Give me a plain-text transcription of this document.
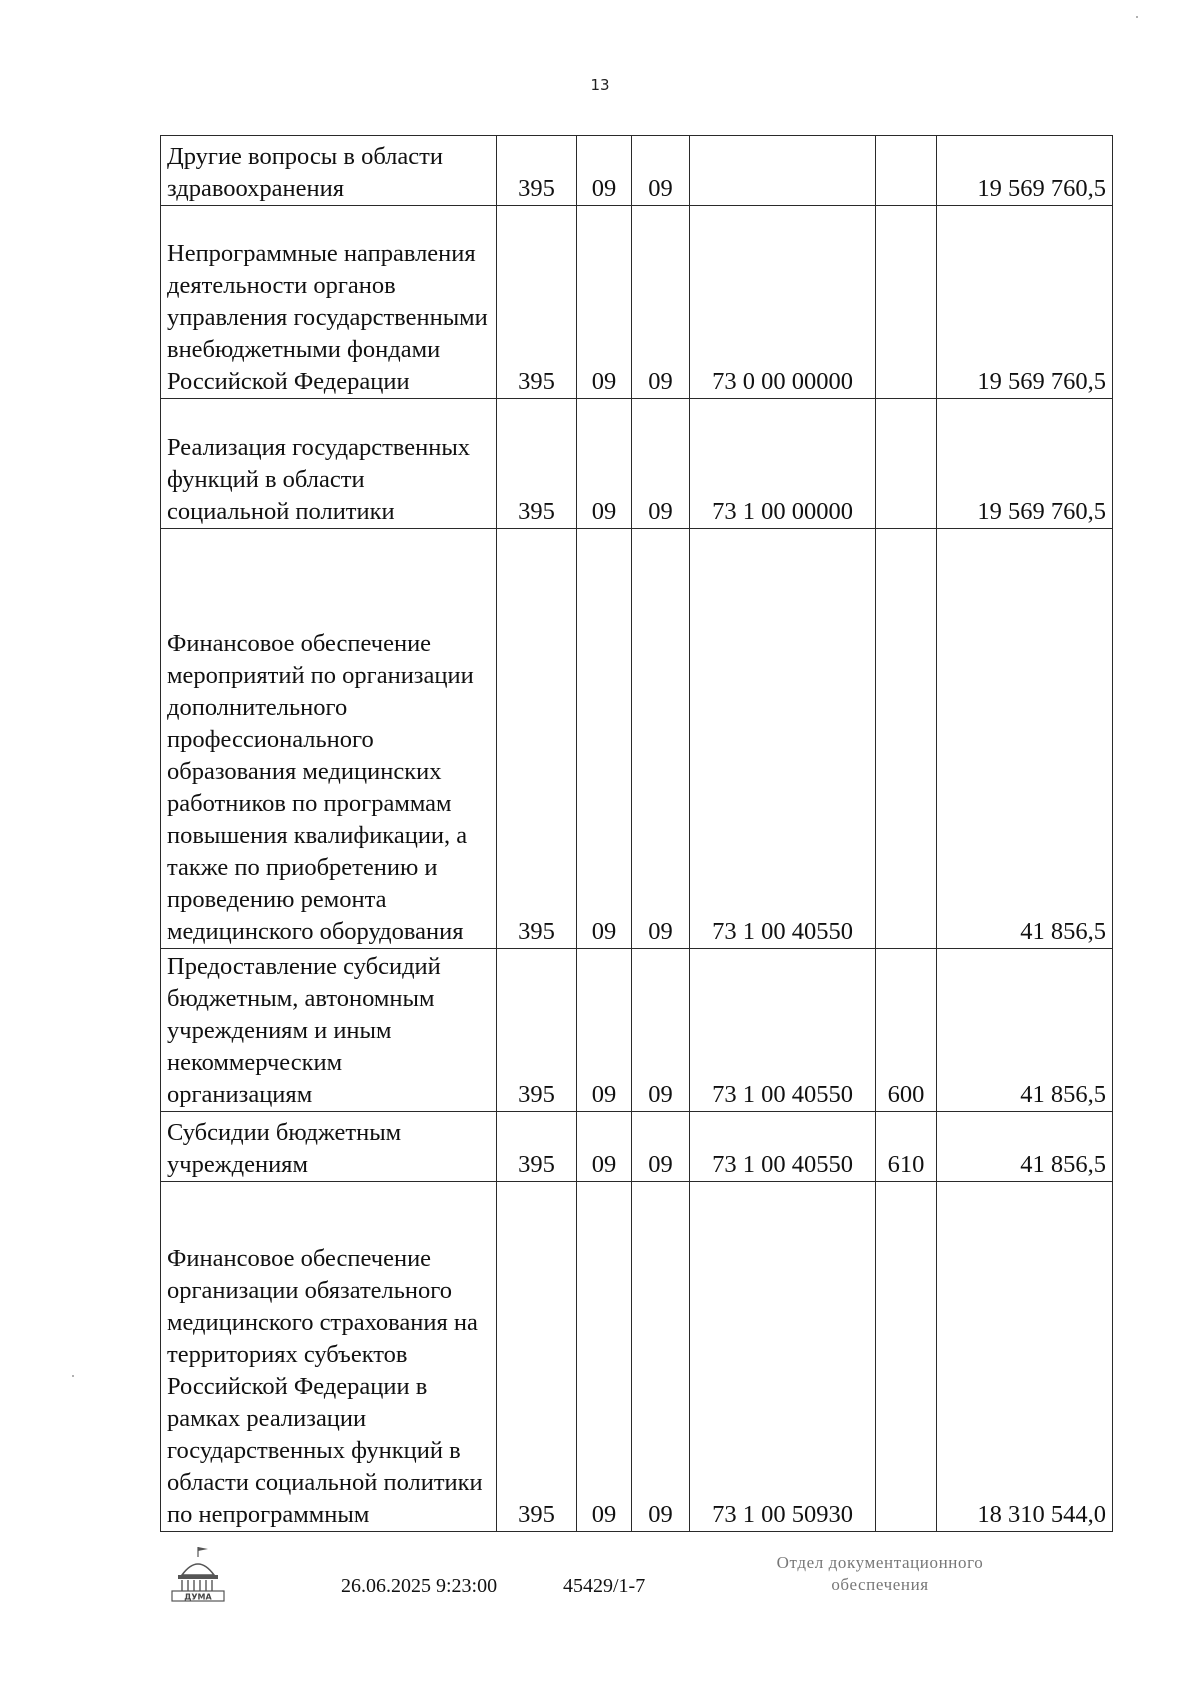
13
Другие вопросы в области здравоохранения	395	09	09			19 569 760,5
Непрограммные направления деятельности органов управления государственными внебюджетными фондами Российской Федерации	395	09	09	73 0 00 00000		19 569 760,5
Реализация государственных функций в области социальной политики	395	09	09	73 1 00 00000		19 569 760,5
Финансовое обеспечение мероприятий по организации дополнительного профессионального образования медицинских работников по программам повышения квалификации, а также по приобретению и проведению ремонта медицинского оборудования	395	09	09	73 1 00 40550		41 856,5
Предоставление субсидий бюджетным, автономным учреждениям и иным некоммерческим организациям	395	09	09	73 1 00 40550	600	41 856,5
Субсидии бюджетным учреждениям	395	09	09	73 1 00 40550	610	41 856,5
Финансовое обеспечение организации обязательного медицинского страхования на территориях субъектов Российской Федерации в рамках реализации государственных функций в области социальной политики по непрограммным	395	09	09	73 1 00 50930		18 310 544,0
ДУМА	26.06.2025 9:23:00	45429/1-7
Отдел документационного
обеспечения
